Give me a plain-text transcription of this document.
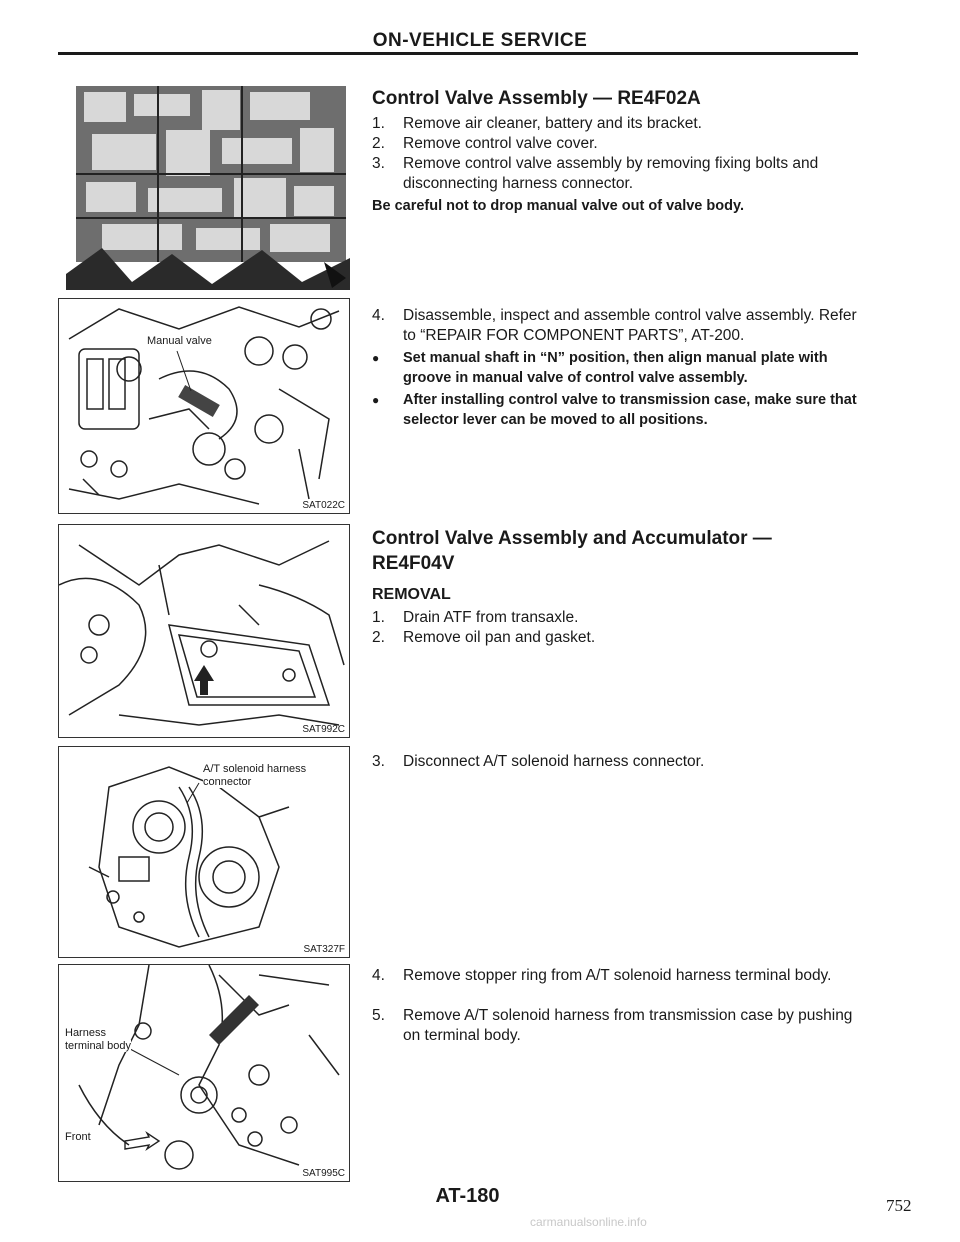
ON-VEHICLE SERVICE
Control Valve Assembly — RE4F02A
1. Remove air cleaner, battery and its bracket.
2. Remove control valve cover.
3. Remove control valve assembly by removing fixing bolts and disconnecting harness connector.
Be careful not to drop manual valve out of valve body.
4. Disassemble, inspect and assemble control valve assembly. Refer to “REPAIR FOR COMPONENT PARTS”, AT-200.
● Set manual shaft in “N” position, then align manual plate with groove in manual valve of control valve assembly.
● After installing control valve to transmission case, make sure that selector lever can be moved to all positions.
Manual valve
SAT022C
Control Valve Assembly and Accumulator —
RE4F04V
REMOVAL
1. Drain ATF from transaxle.
2. Remove oil pan and gasket.
SAT992C
3. Disconnect A/T solenoid harness connector.
A/T solenoid harness
connector
SAT327F
4. Remove stopper ring from A/T solenoid harness terminal body.
5. Remove A/T solenoid harness from transmission case by pushing on terminal body.
Harness
terminal body
Front
SAT995C
AT-180	752
carmanualsonline.info
